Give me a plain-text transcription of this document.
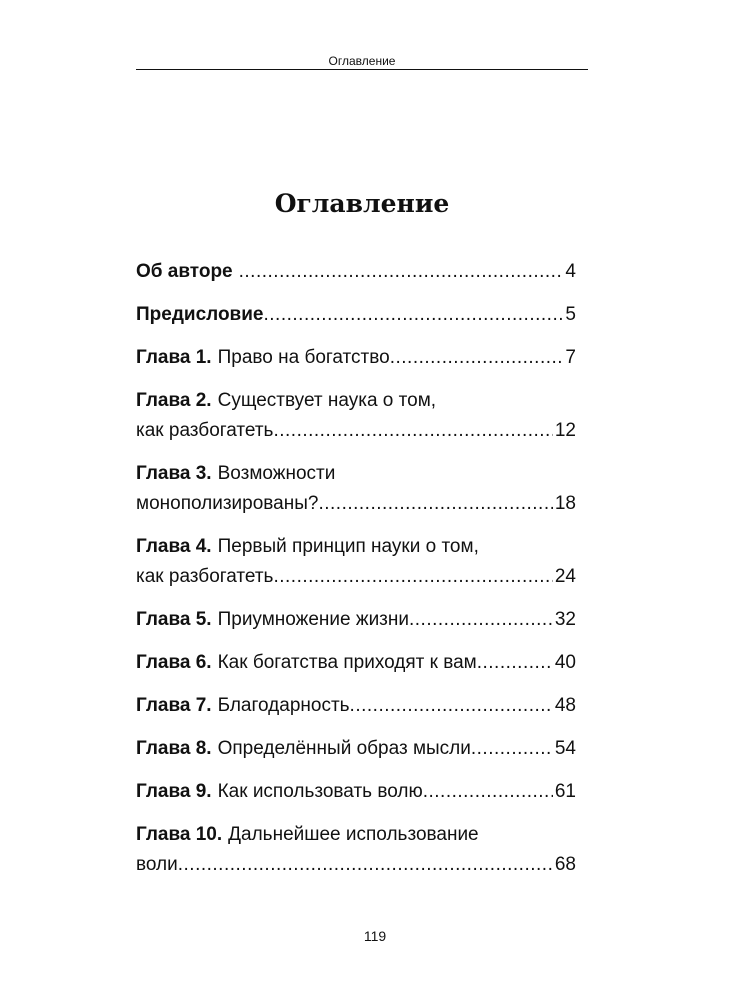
Оглавление
Оглавление
Об авторе .....	4
Предисловие .....	5
Глава 1. Право на богатство .....	7
Глава 2. Существует наука о том,
как разбогатеть .....	12
Глава 3. Возможности
монополизированы? .....	18
Глава 4. Первый принцип науки о том,
как разбогатеть .....	24
Глава 5. Приумножение жизни .....	32
Глава 6. Как богатства приходят к вам .....	40
Глава 7. Благодарность .....	48
Глава 8. Определённый образ мысли .....	54
Глава 9. Как использовать волю .....	61
Глава 10. Дальнейшее использование
воли .....	68
119
